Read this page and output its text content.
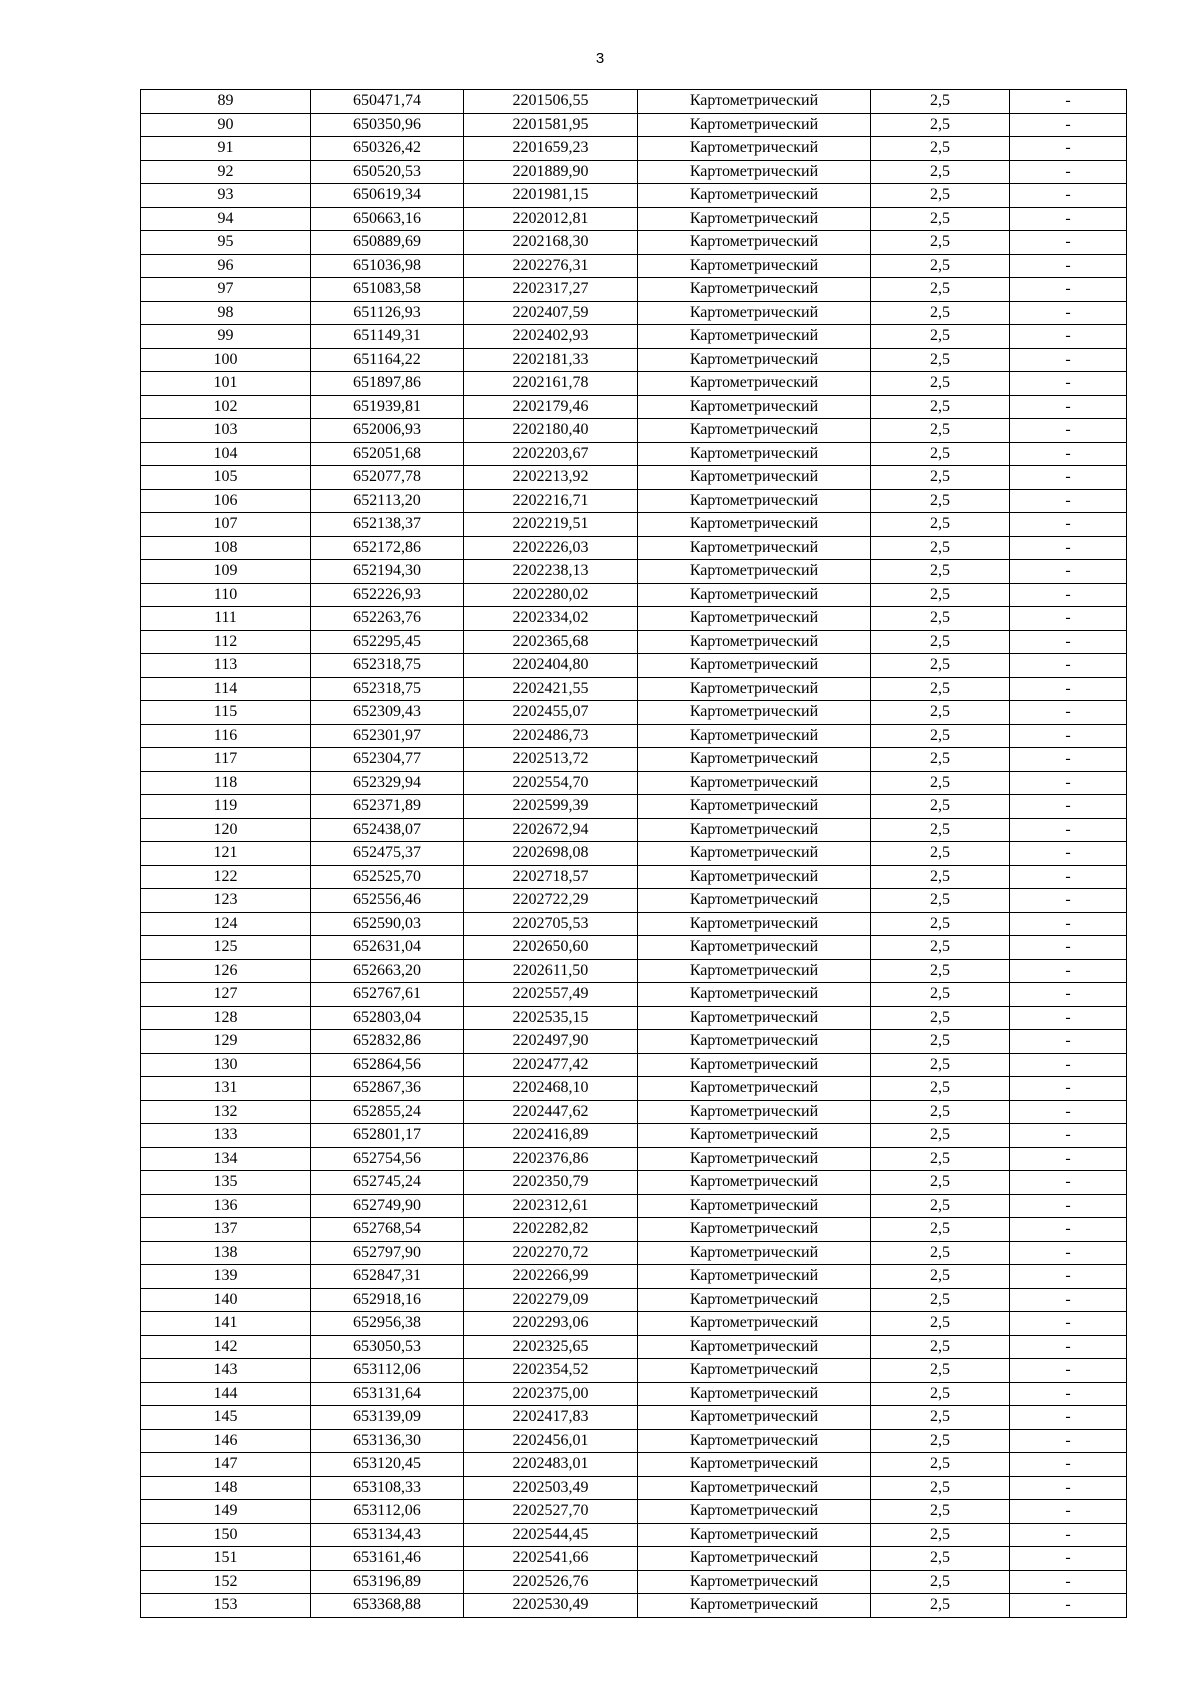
3
89	650471,74	2201506,55	Картометрический	2,5	-
90	650350,96	2201581,95	Картометрический	2,5	-
91	650326,42	2201659,23	Картометрический	2,5	-
92	650520,53	2201889,90	Картометрический	2,5	-
93	650619,34	2201981,15	Картометрический	2,5	-
94	650663,16	2202012,81	Картометрический	2,5	-
95	650889,69	2202168,30	Картометрический	2,5	-
96	651036,98	2202276,31	Картометрический	2,5	-
97	651083,58	2202317,27	Картометрический	2,5	-
98	651126,93	2202407,59	Картометрический	2,5	-
99	651149,31	2202402,93	Картометрический	2,5	-
100	651164,22	2202181,33	Картометрический	2,5	-
101	651897,86	2202161,78	Картометрический	2,5	-
102	651939,81	2202179,46	Картометрический	2,5	-
103	652006,93	2202180,40	Картометрический	2,5	-
104	652051,68	2202203,67	Картометрический	2,5	-
105	652077,78	2202213,92	Картометрический	2,5	-
106	652113,20	2202216,71	Картометрический	2,5	-
107	652138,37	2202219,51	Картометрический	2,5	-
108	652172,86	2202226,03	Картометрический	2,5	-
109	652194,30	2202238,13	Картометрический	2,5	-
110	652226,93	2202280,02	Картометрический	2,5	-
111	652263,76	2202334,02	Картометрический	2,5	-
112	652295,45	2202365,68	Картометрический	2,5	-
113	652318,75	2202404,80	Картометрический	2,5	-
114	652318,75	2202421,55	Картометрический	2,5	-
115	652309,43	2202455,07	Картометрический	2,5	-
116	652301,97	2202486,73	Картометрический	2,5	-
117	652304,77	2202513,72	Картометрический	2,5	-
118	652329,94	2202554,70	Картометрический	2,5	-
119	652371,89	2202599,39	Картометрический	2,5	-
120	652438,07	2202672,94	Картометрический	2,5	-
121	652475,37	2202698,08	Картометрический	2,5	-
122	652525,70	2202718,57	Картометрический	2,5	-
123	652556,46	2202722,29	Картометрический	2,5	-
124	652590,03	2202705,53	Картометрический	2,5	-
125	652631,04	2202650,60	Картометрический	2,5	-
126	652663,20	2202611,50	Картометрический	2,5	-
127	652767,61	2202557,49	Картометрический	2,5	-
128	652803,04	2202535,15	Картометрический	2,5	-
129	652832,86	2202497,90	Картометрический	2,5	-
130	652864,56	2202477,42	Картометрический	2,5	-
131	652867,36	2202468,10	Картометрический	2,5	-
132	652855,24	2202447,62	Картометрический	2,5	-
133	652801,17	2202416,89	Картометрический	2,5	-
134	652754,56	2202376,86	Картометрический	2,5	-
135	652745,24	2202350,79	Картометрический	2,5	-
136	652749,90	2202312,61	Картометрический	2,5	-
137	652768,54	2202282,82	Картометрический	2,5	-
138	652797,90	2202270,72	Картометрический	2,5	-
139	652847,31	2202266,99	Картометрический	2,5	-
140	652918,16	2202279,09	Картометрический	2,5	-
141	652956,38	2202293,06	Картометрический	2,5	-
142	653050,53	2202325,65	Картометрический	2,5	-
143	653112,06	2202354,52	Картометрический	2,5	-
144	653131,64	2202375,00	Картометрический	2,5	-
145	653139,09	2202417,83	Картометрический	2,5	-
146	653136,30	2202456,01	Картометрический	2,5	-
147	653120,45	2202483,01	Картометрический	2,5	-
148	653108,33	2202503,49	Картометрический	2,5	-
149	653112,06	2202527,70	Картометрический	2,5	-
150	653134,43	2202544,45	Картометрический	2,5	-
151	653161,46	2202541,66	Картометрический	2,5	-
152	653196,89	2202526,76	Картометрический	2,5	-
153	653368,88	2202530,49	Картометрический	2,5	-
